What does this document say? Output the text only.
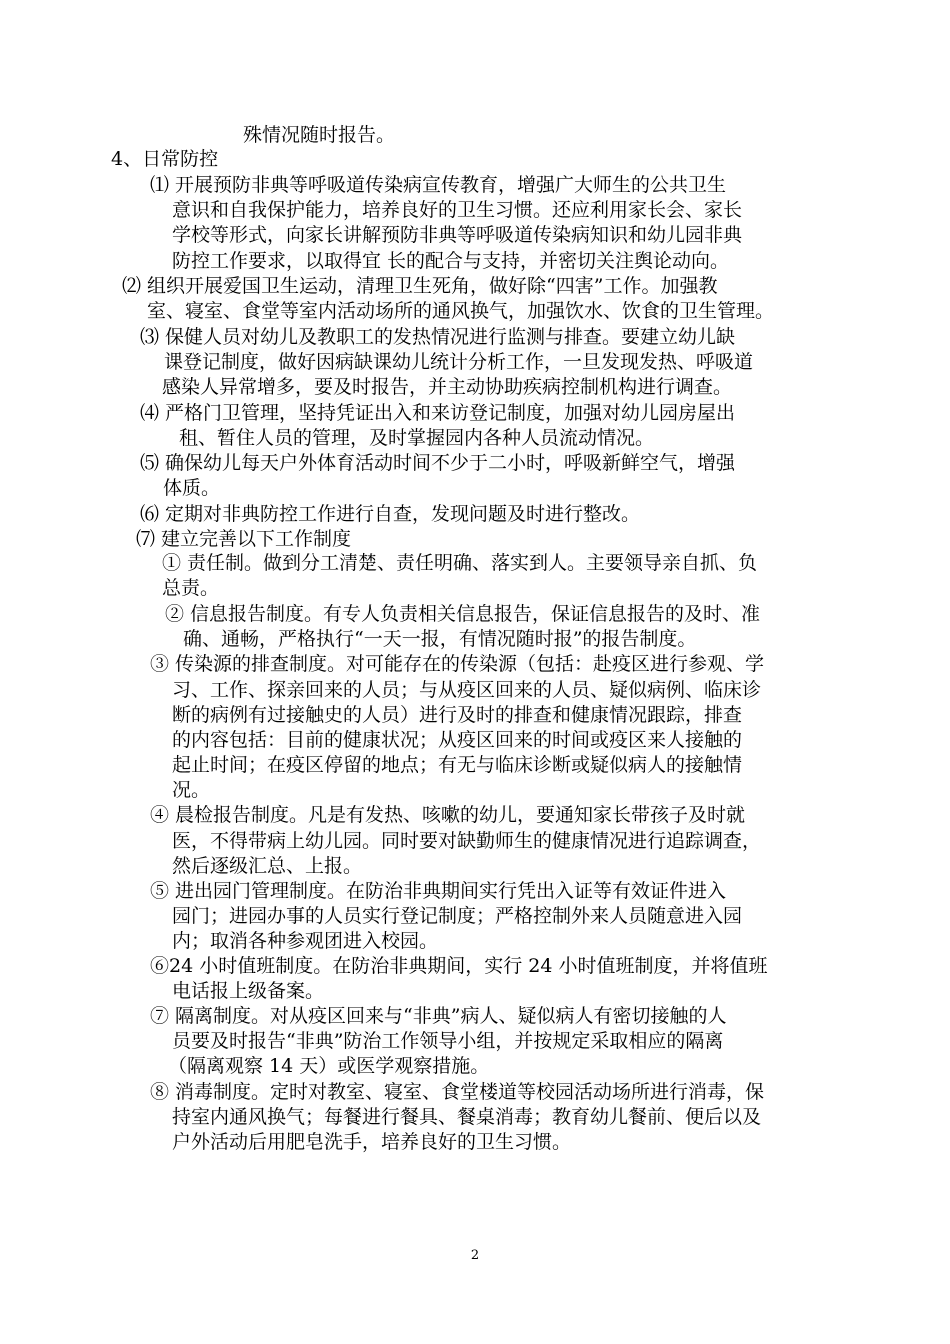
殊情况随时报告。
4、日常防控
⑴ 开展预防非典等呼吸道传染病宣传教育，增强广大师生的公共卫生
意识和自我保护能力，培养良好的卫生习惯。还应利用家长会、家长
学校等形式，向家长讲解预防非典等呼吸道传染病知识和幼儿园非典
防控工作要求，以取得宜 长的配合与支持，并密切关注舆论动向。
⑵ 组织开展爱国卫生运动，清理卫生死角，做好除“四害”工作。加强教
室、寝室、食堂等室内活动场所的通风换气，加强饮水、饮食的卫生管理。
⑶ 保健人员对幼儿及教职工的发热情况进行监测与排查。要建立幼儿缺
课登记制度，做好因病缺课幼儿统计分析工作，一旦发现发热、呼吸道
感染人异常增多，要及时报告，并主动协助疾病控制机构进行调查。
⑷ 严格门卫管理，坚持凭证出入和来访登记制度，加强对幼儿园房屋出
租、暂住人员的管理，及时掌握园内各种人员流动情况。
⑸ 确保幼儿每天户外体育活动时间不少于二小时，呼吸新鲜空气，增强
体质。
⑹ 定期对非典防控工作进行自查，发现问题及时进行整改。
⑺ 建立完善以下工作制度
① 责任制。做到分工清楚、责任明确、落实到人。主要领导亲自抓、负
总责。
② 信息报告制度。有专人负责相关信息报告，保证信息报告的及时、准
确、通畅，严格执行“一天一报，有情况随时报”的报告制度。
③ 传染源的排查制度。对可能存在的传染源（包括：赴疫区进行参观、学
习、工作、探亲回来的人员；与从疫区回来的人员、疑似病例、临床诊
断的病例有过接触史的人员）进行及时的排查和健康情况跟踪，排查
的内容包括：目前的健康状况；从疫区回来的时间或疫区来人接触的
起止时间；在疫区停留的地点；有无与临床诊断或疑似病人的接触情
况。
④ 晨检报告制度。凡是有发热、咳嗽的幼儿，要通知家长带孩子及时就
医，不得带病上幼儿园。同时要对缺勤师生的健康情况进行追踪调查，
然后逐级汇总、上报。
⑤ 进出园门管理制度。在防治非典期间实行凭出入证等有效证件进入
园门；进园办事的人员实行登记制度；严格控制外来人员随意进入园
内；取消各种参观团进入校园。
⑥24 小时值班制度。在防治非典期间，实行 24 小时值班制度，并将值班
电话报上级备案。
⑦ 隔离制度。对从疫区回来与“非典”病人、疑似病人有密切接触的人
员要及时报告“非典”防治工作领导小组，并按规定采取相应的隔离
（隔离观察 14 天）或医学观察措施。
⑧ 消毒制度。定时对教室、寝室、食堂楼道等校园活动场所进行消毒，保
持室内通风换气；每餐进行餐具、餐桌消毒；教育幼儿餐前、便后以及
户外活动后用肥皂洗手，培养良好的卫生习惯。
2
